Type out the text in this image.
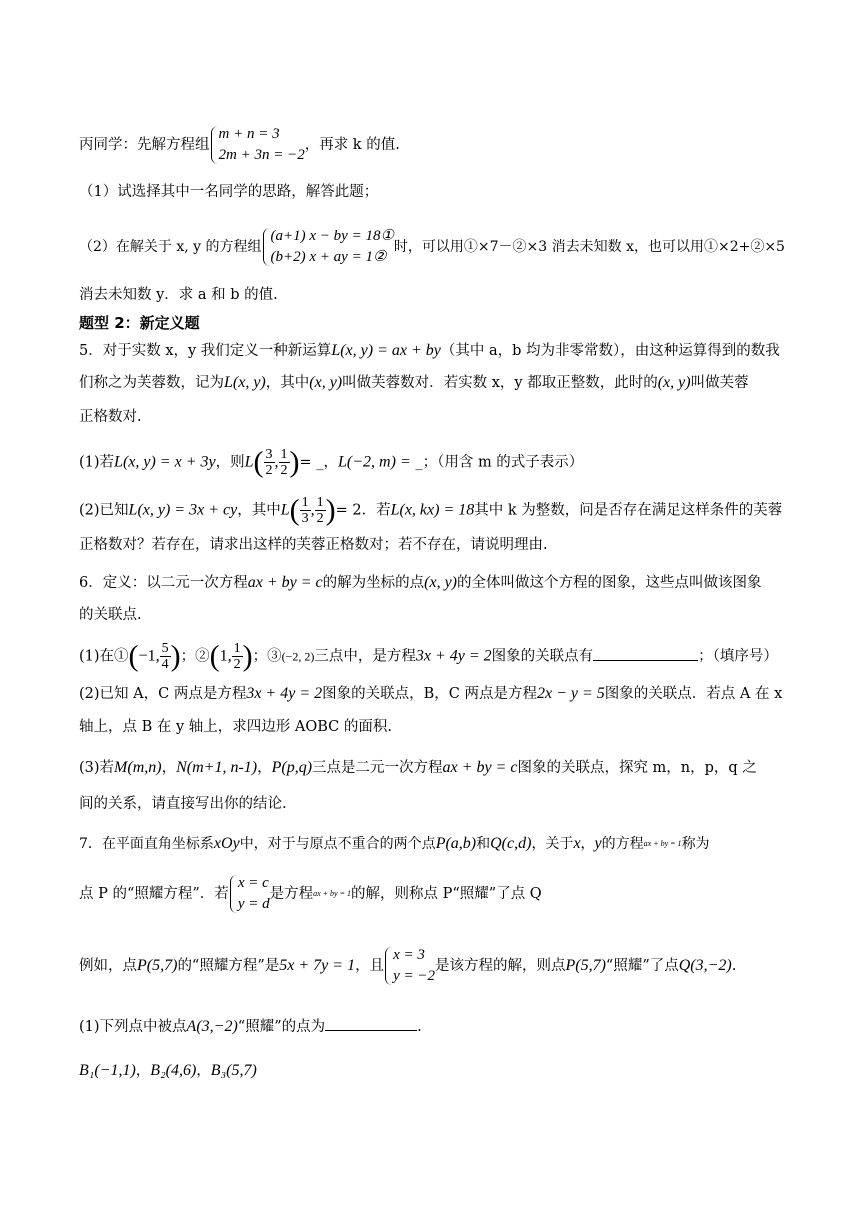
丙同学：先解方程组
m + n = 3
2m + 3n = −2
，再求 k 的值.
（1）试选择其中一名同学的思路，解答此题；
（2）在解关于 x, y 的方程组
(a+1) x − by = 18①
(b+2) x + ay = 1②
时，可以用①×7－②×3 消去未知数 x，也可以用①×2+②×5
消去未知数 y．求 a 和 b 的值.
题型 2：新定义题
5．对于实数 x，y 我们定义一种新运算L(x, y) = ax + by（其中 a，b 均为非零常数），由这种运算得到的数我
们称之为芙蓉数，记为L(x, y)，其中(x, y)叫做芙蓉数对．若实数 x，y 都取正整数，此时的(x, y)叫做芙蓉
正格数对.
(1)若L(x, y) = x + 3y，则$L( \frac{3}{2}$ , $\frac{1}{2}$ )= _，L(−2, m) = _；（用含 m 的式子表示）
(2)已知L(x, y) = 3x + cy，其中$L( \frac{1}{3}$ , $\frac{1}{2}$ )= 2．若L(x, kx) = 18其中 k 为整数，问是否存在满足这样条件的芙蓉
正格数对？若存在，请求出这样的芙蓉正格数对；若不存在，请说明理由.
6．定义：以二元一次方程ax + by = c的解为坐标的点(x, y)的全体叫做这个方程的图象，这些点叫做该图象
的关联点.
(1)在①(−1, $\frac{5}{4}$ )；②(1, $\frac{1}{2}$ )；③(−2, 2)三点中，是方程3x + 4y = 2图象的关联点有	；（填序号）
(2)已知 A，C 两点是方程3x + 4y = 2图象的关联点，B，C 两点是方程2x − y = 5图象的关联点．若点 A 在 x
轴上，点 B 在 y 轴上，求四边形 AOBC 的面积.
(3)若M(m,n)，N(m+1, n-1)，P(p,q)三点是二元一次方程ax + by = c图象的关联点，探究 m，n，p，q 之
间的关系，请直接写出你的结论.
7．在平面直角坐标系xOy中，对于与原点不重合的两个点P(a,b)和Q(c,d)，关于x，y的方程ax + by = 1称为
点 P 的“照耀方程”．若
x = c
y = d
是方程ax + by = 1的解，则称点 P“照耀”了点 Q
例如，点P(5,7)的“照耀方程”是5x + 7y = 1，且
x = 3
y = −2
是该方程的解，则点P(5,7)“照耀”了点Q(3,−2).
(1)下列点中被点A(3,−2)“照耀”的点为	.
B₁(−1,1)，B₂(4,6)，B₃(5,7)
